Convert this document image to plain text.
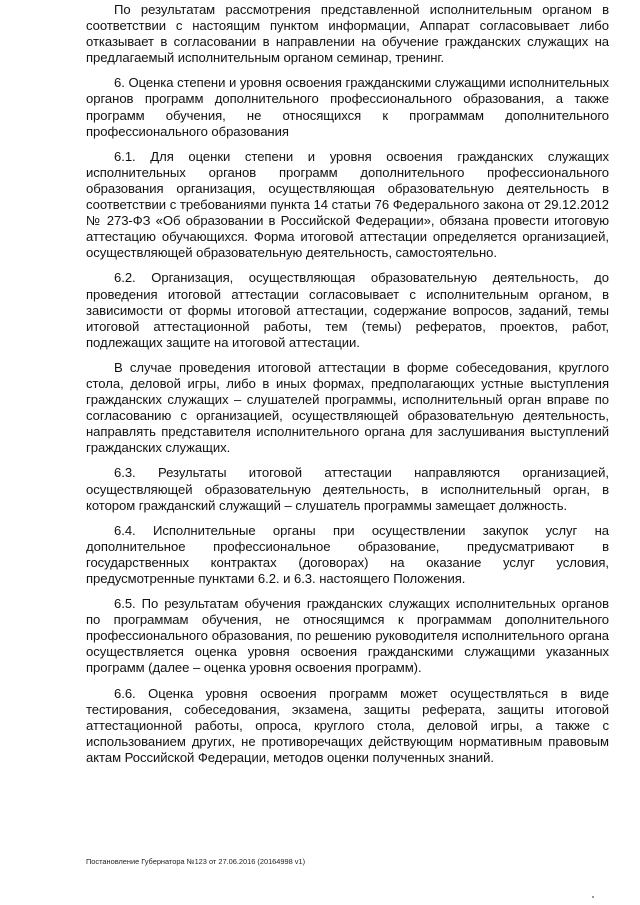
По результатам рассмотрения представленной исполнительным органом в соответствии с настоящим пунктом информации, Аппарат согласовывает либо отказывает в согласовании в направлении на обучение гражданских служащих на предлагаемый исполнительным органом семинар, тренинг.

6. Оценка степени и уровня освоения гражданскими служащими исполнительных органов программ дополнительного профессионального образования, а также программ обучения, не относящихся к программам дополнительного профессионального образования

6.1. Для оценки степени и уровня освоения гражданских служащих исполнительных органов программ дополнительного профессионального образования организация, осуществляющая образовательную деятельность в соответствии с требованиями пункта 14 статьи 76 Федерального закона от 29.12.2012 № 273-ФЗ «Об образовании в Российской Федерации», обязана провести итоговую аттестацию обучающихся. Форма итоговой аттестации определяется организацией, осуществляющей образовательную деятельность, самостоятельно.

6.2. Организация, осуществляющая образовательную деятельность, до проведения итоговой аттестации согласовывает с исполнительным органом, в зависимости от формы итоговой аттестации, содержание вопросов, заданий, темы итоговой аттестационной работы, тем (темы) рефератов, проектов, работ, подлежащих защите на итоговой аттестации.

В случае проведения итоговой аттестации в форме собеседования, круглого стола, деловой игры, либо в иных формах, предполагающих устные выступления гражданских служащих – слушателей программы, исполнительный орган вправе по согласованию с организацией, осуществляющей образовательную деятельность, направлять представителя исполнительного органа для заслушивания выступлений гражданских служащих.

6.3. Результаты итоговой аттестации направляются организацией, осуществляющей образовательную деятельность, в исполнительный орган, в котором гражданский служащий – слушатель программы замещает должность.

6.4. Исполнительные органы при осуществлении закупок услуг на дополнительное профессиональное образование, предусматривают в государственных контрактах (договорах) на оказание услуг условия, предусмотренные пунктами 6.2. и 6.3. настоящего Положения.

6.5. По результатам обучения гражданских служащих исполнительных органов по программам обучения, не относящимся к программам дополнительного профессионального образования, по решению руководителя исполнительного органа осуществляется оценка уровня освоения гражданскими служащими указанных программ (далее – оценка уровня освоения программ).

6.6. Оценка уровня освоения программ может осуществляться в виде тестирования, собеседования, экзамена, защиты реферата, защиты итоговой аттестационной работы, опроса, круглого стола, деловой игры, а также с использованием других, не противоречащих действующим нормативным правовым актам Российской Федерации, методов оценки полученных знаний.

Постановление Губернатора №123 от 27.06.2016 (20164998 v1)
